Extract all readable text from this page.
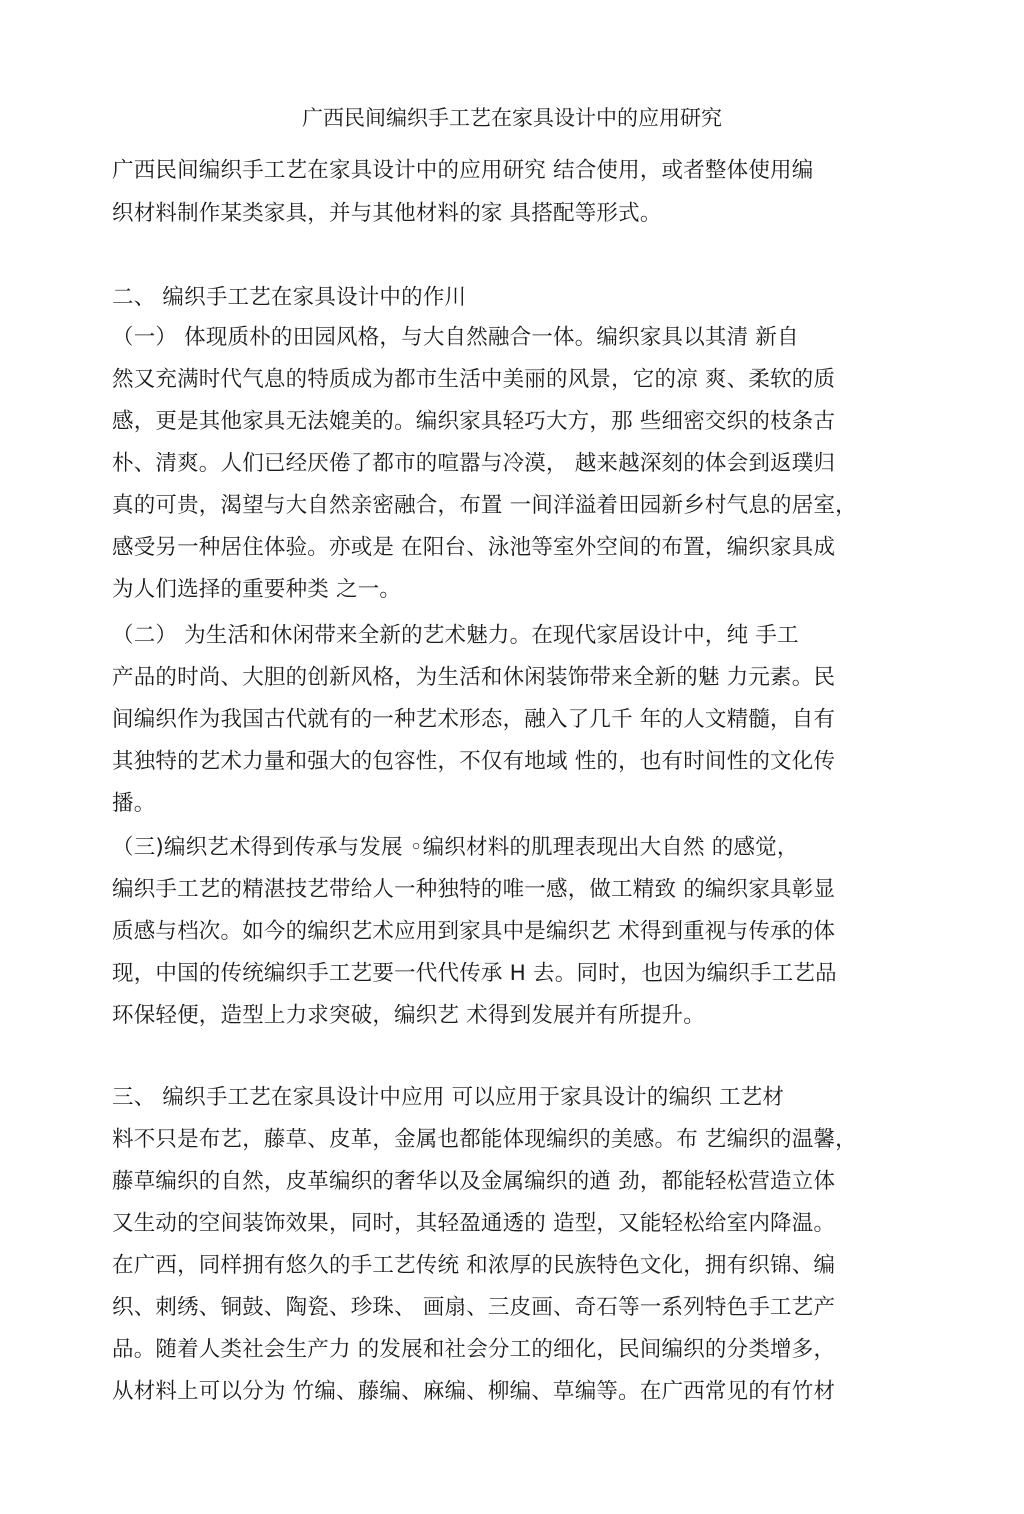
广西民间编织手工艺在家具设计中的应用研究
广西民间编织手工艺在家具设计中的应用研究 结合使用，或者整体使用编
织材料制作某类家具，并与其他材料的家 具搭配等形式。
二、 编织手工艺在家具设计中的作川
（一） 体现质朴的田园风格，与大自然融合一体。编织家具以其清 新自
然又充满时代气息的特质成为都市生活中美丽的风景，它的凉 爽、柔软的质
感，更是其他家具无法媲美的。编织家具轻巧大方，那 些细密交织的枝条古
朴、清爽。人们已经厌倦了都市的喧嚣与冷漠， 越来越深刻的体会到返璞归
真的可贵，渴望与大自然亲密融合，布置 一间洋溢着田园新乡村气息的居室，
感受另一种居住体验。亦或是 在阳台、泳池等室外空间的布置，编织家具成
为人们选择的重要种类 之一。
（二） 为生活和休闲带来全新的艺术魅力。在现代家居设计中，纯 手工
产品的时尚、大胆的创新风格，为生活和休闲装饰带来全新的魅 力元素。民
间编织作为我国古代就有的一种艺术形态，融入了几千 年的人文精髓，自有
其独特的艺术力量和强大的包容性，不仅有地域 性的，也有时间性的文化传
播。
（三)编织艺术得到传承与发展 ◦编织材料的肌理表现出大自然 的感觉，
编织手工艺的精湛技艺带给人一种独特的唯一感，做工精致 的编织家具彰显
质感与档次。如今的编织艺术应用到家具中是编织艺 术得到重视与传承的体
现，中国的传统编织手工艺要一代代传承 H 去。同时，也因为编织手工艺品
环保轻便，造型上力求突破，编织艺 术得到发展并有所提升。
三、 编织手工艺在家具设计中应用 可以应用于家具设计的编织 工艺材
料不只是布艺，藤草、皮革，金属也都能体现编织的美感。布 艺编织的温馨，
藤草编织的自然，皮革编织的奢华以及金属编织的遒 劲，都能轻松营造立体
又生动的空间装饰效果，同时，其轻盈通透的 造型，又能轻松给室内降温。
在广西，同样拥有悠久的手工艺传统 和浓厚的民族特色文化，拥有织锦、编
织、刺绣、铜鼓、陶瓷、珍珠、 画扇、三皮画、奇石等一系列特色手工艺产
品。随着人类社会生产力 的发展和社会分工的细化，民间编织的分类增多，
从材料上可以分为 竹编、藤编、麻编、柳编、草编等。在广西常见的有竹材
